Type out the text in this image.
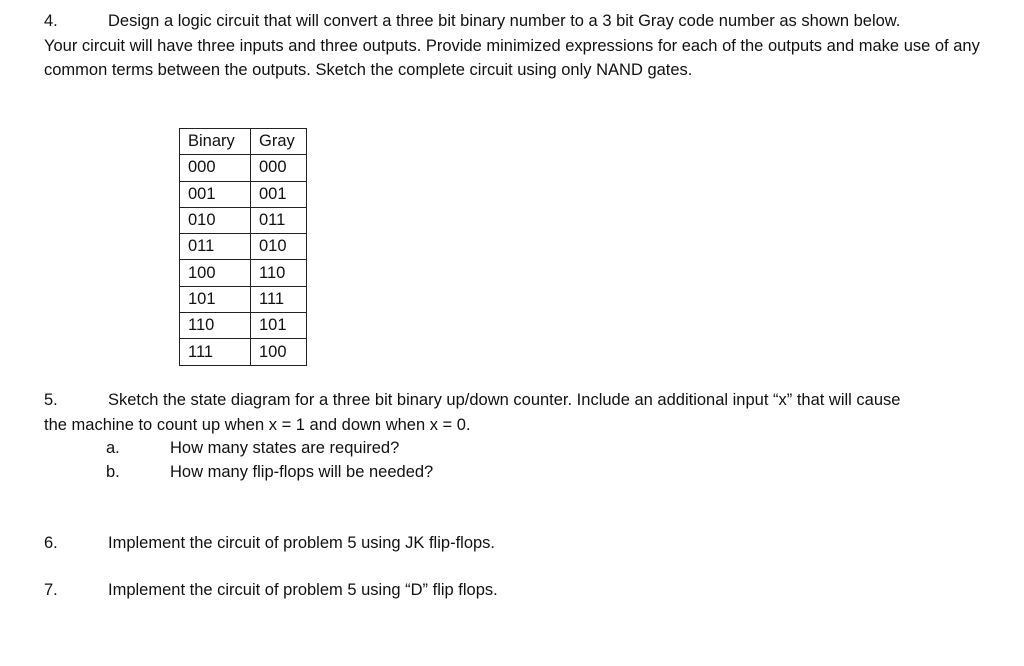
4.	Design a logic circuit that will convert a three bit binary number to a 3 bit Gray code number as shown below.
Your circuit will have three inputs and three outputs. Provide minimized expressions for each of the outputs and make use of any common terms between the outputs. Sketch the complete circuit using only NAND gates.

Binary	Gray
000	000
001	001
010	011
011	010
100	110
101	111
110	101
111	100

5.	Sketch the state diagram for a three bit binary up/down counter. Include an additional input “x” that will cause
the machine to count up when x = 1 and down when x = 0.

a.	How many states are required?
b.	How many flip-flops will be needed?

6.	Implement the circuit of problem 5 using JK flip-flops.

7.	Implement the circuit of problem 5 using “D” flip flops.
